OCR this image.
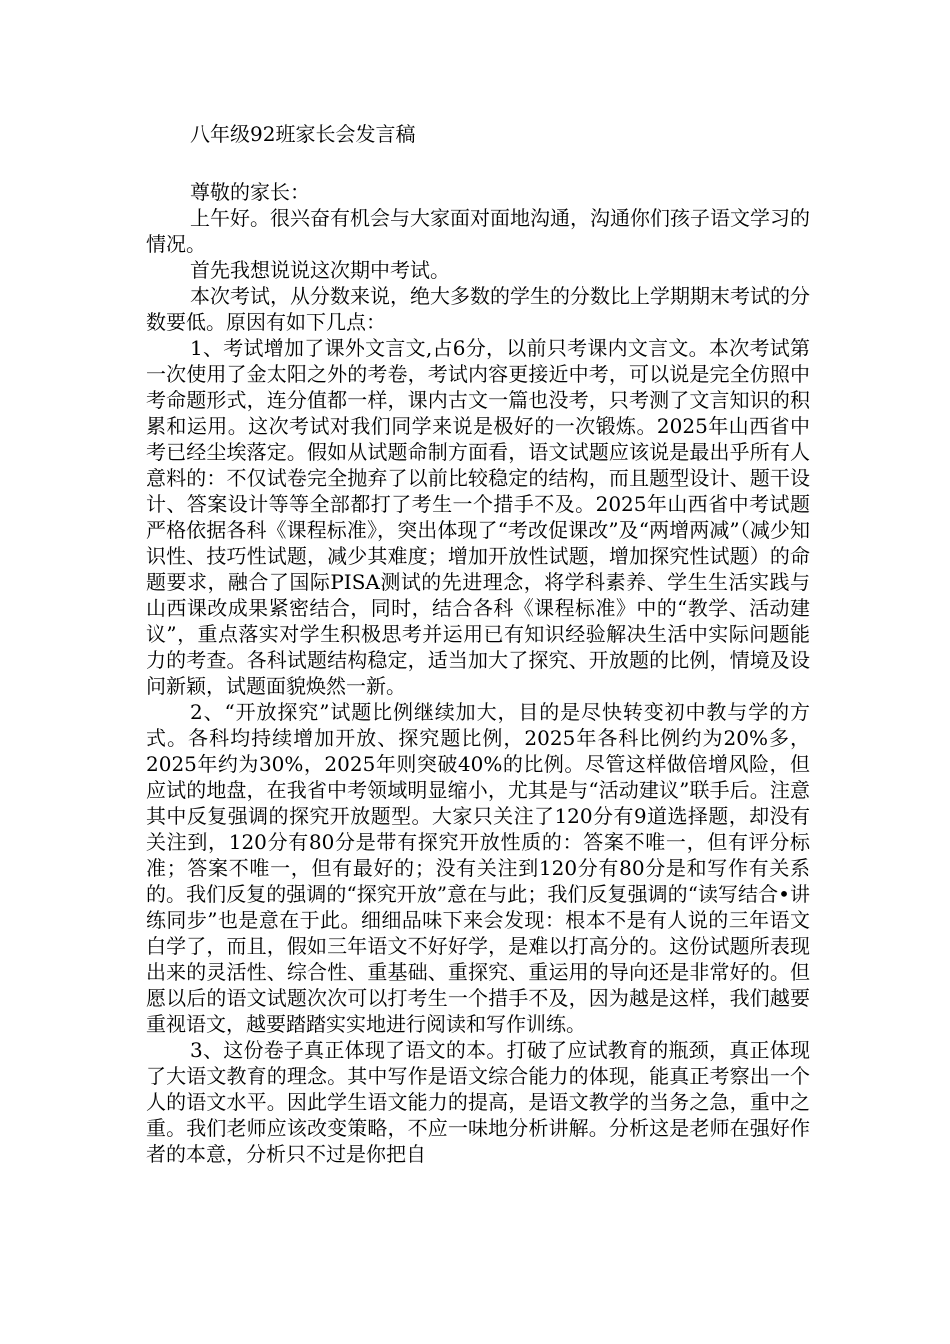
八年级92班家长会发言稿

尊敬的家长：

上午好。很兴奋有机会与大家面对面地沟通，沟通你们孩子语文学习的情况。

首先我想说说这次期中考试。

本次考试，从分数来说，绝大多数的学生的分数比上学期期末考试的分数要低。原因有如下几点：

1、考试增加了课外文言文,占6分，以前只考课内文言文。本次考试第一次使用了金太阳之外的考卷，考试内容更接近中考，可以说是完全仿照中考命题形式，连分值都一样，课内古文一篇也没考，只考测了文言知识的积累和运用。这次考试对我们同学来说是极好的一次锻炼。2025年山西省中考已经尘埃落定。假如从试题命制方面看，语文试题应该说是最出乎所有人意料的：不仅试卷完全抛弃了以前比较稳定的结构，而且题型设计、题干设计、答案设计等等全部都打了考生一个措手不及。2025年山西省中考试题严格依据各科《课程标准》，突出体现了“考改促课改”及“两增两减”（减少知识性、技巧性试题，减少其难度；增加开放性试题，增加探究性试题）的命题要求，融合了国际PISA测试的先进理念，将学科素养、学生生活实践与山西课改成果紧密结合，同时，结合各科《课程标准》中的“教学、活动建议”，重点落实对学生积极思考并运用已有知识经验解决生活中实际问题能力的考查。各科试题结构稳定，适当加大了探究、开放题的比例，情境及设问新颖，试题面貌焕然一新。

2、“开放探究”试题比例继续加大，目的是尽快转变初中教与学的方式。各科均持续增加开放、探究题比例，2025年各科比例约为20%多，2025年约为30%，2025年则突破40%的比例。尽管这样做倍增风险，但应试的地盘，在我省中考领域明显缩小，尤其是与“活动建议”联手后。注意其中反复强调的探究开放题型。大家只关注了120分有9道选择题，却没有关注到，120分有80分是带有探究开放性质的：答案不唯一，但有评分标准；答案不唯一，但有最好的；没有关注到120分有80分是和写作有关系的。我们反复的强调的“探究开放”意在与此；我们反复强调的“读写结合•讲练同步”也是意在于此。细细品味下来会发现：根本不是有人说的三年语文白学了，而且，假如三年语文不好好学，是难以打高分的。这份试题所表现出来的灵活性、综合性、重基础、重探究、重运用的导向还是非常好的。但愿以后的语文试题次次可以打考生一个措手不及，因为越是这样，我们越要重视语文，越要踏踏实实地进行阅读和写作训练。

3、这份卷子真正体现了语文的本。打破了应试教育的瓶颈，真正体现了大语文教育的理念。其中写作是语文综合能力的体现，能真正考察出一个人的语文水平。因此学生语文能力的提高，是语文教学的当务之急，重中之重。我们老师应该改变策略，不应一味地分析讲解。分析这是老师在强好作者的本意，分析只不过是你把自
